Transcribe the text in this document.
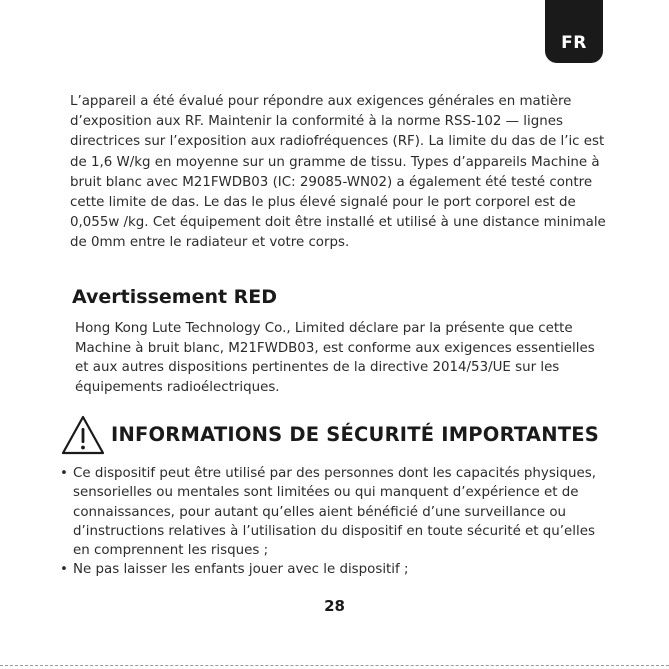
FR

L’appareil a été évalué pour répondre aux exigences générales en matière d’exposition aux RF. Maintenir la conformité à la norme RSS-102 — lignes directrices sur l’exposition aux radiofréquences (RF). La limite du das de l’ic est de 1,6 W/kg en moyenne sur un gramme de tissu. Types d’appareils Machine à bruit blanc avec M21FWDB03 (IC: 29085-WN02) a également été testé contre cette limite de das. Le das le plus élevé signalé pour le port corporel est de 0,055w /kg. Cet équipement doit être installé et utilisé à une distance minimale de 0mm entre le radiateur et votre corps.

Avertissement RED

Hong Kong Lute Technology Co., Limited déclare par la présente que cette Machine à bruit blanc, M21FWDB03, est conforme aux exigences essentielles et aux autres dispositions pertinentes de la directive 2014/53/UE sur les équipements radioélectriques.

INFORMATIONS DE SÉCURITÉ IMPORTANTES
• Ce dispositif peut être utilisé par des personnes dont les capacités physiques, sensorielles ou mentales sont limitées ou qui manquent d’expérience et de connaissances, pour autant qu’elles aient bénéficié d’une surveillance ou d’instructions relatives à l’utilisation du dispositif en toute sécurité et qu’elles en comprennent les risques ;
• Ne pas laisser les enfants jouer avec le dispositif ;
28
